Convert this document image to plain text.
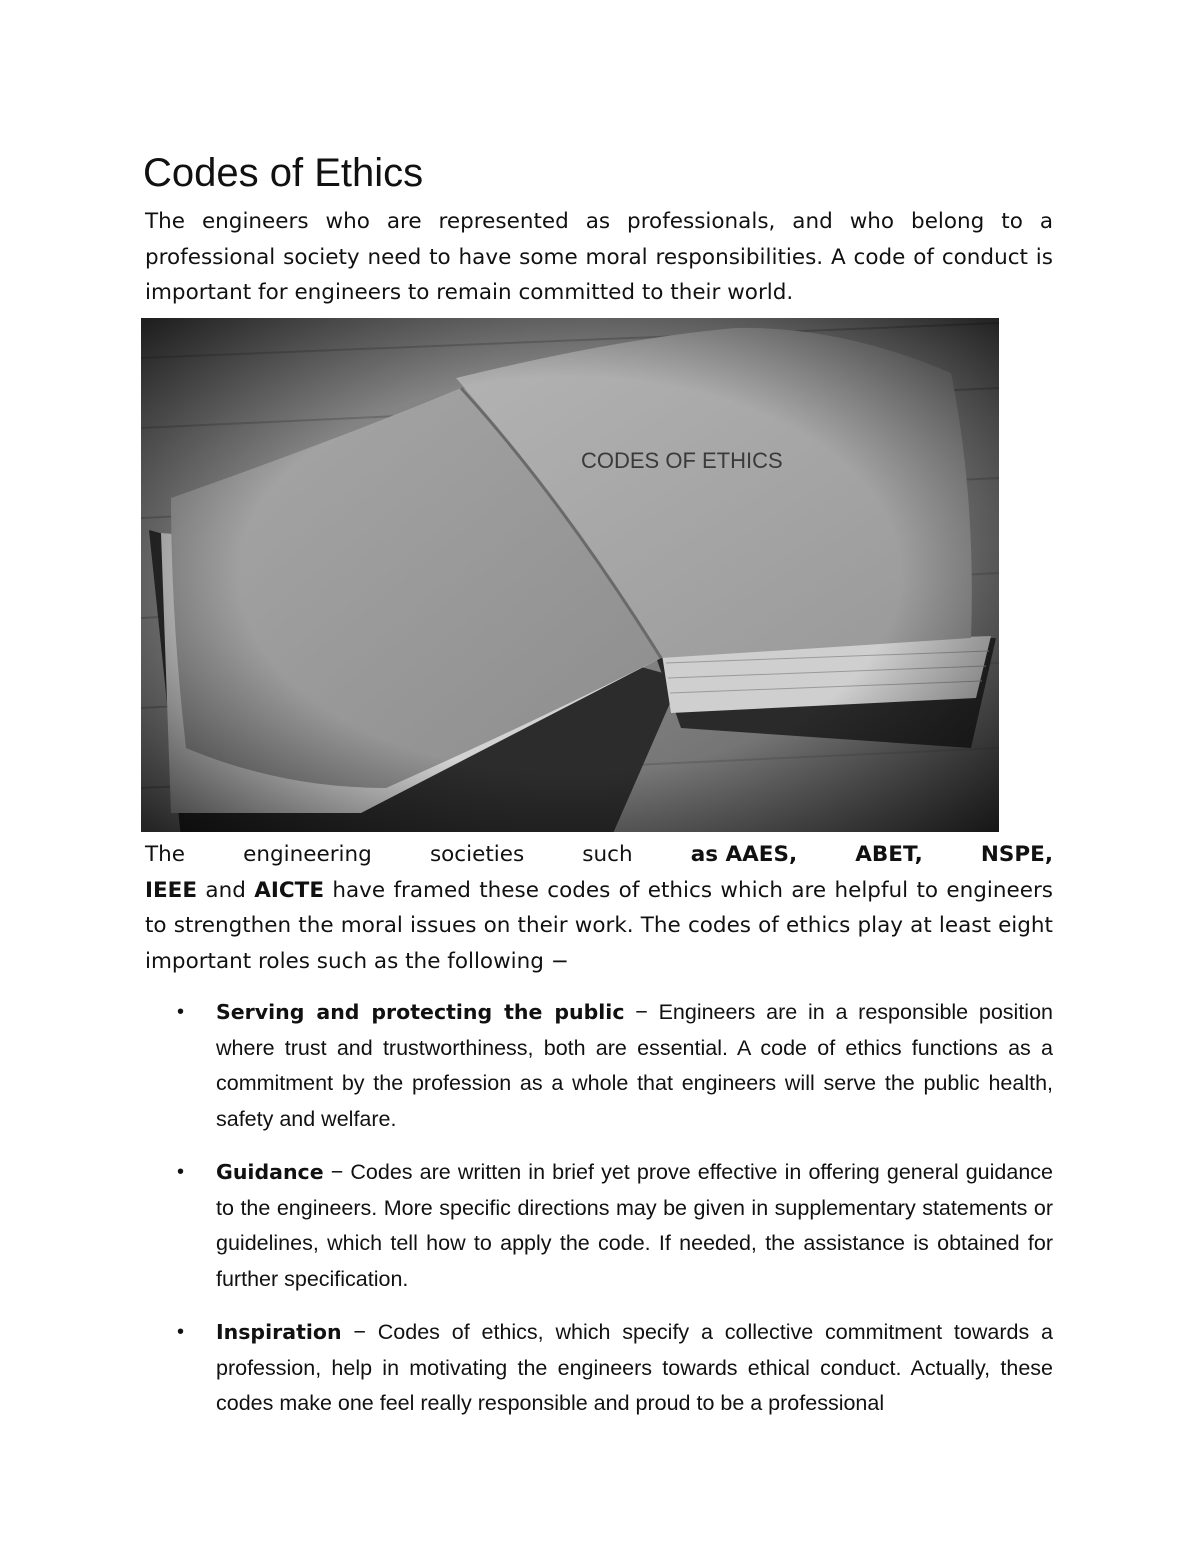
Codes of Ethics

The engineers who are represented as professionals, and who belong to a professional society need to have some moral responsibilities. A code of conduct is important for engineers to remain committed to their world.

The	engineering	societies	such	as AAES,	ABET,	NSPE,
IEEE and AICTE have framed these codes of ethics which are helpful to engineers to strengthen the moral issues on their work. The codes of ethics play at least eight important roles such as the following −
• Serving and protecting the public − Engineers are in a responsible position where trust and trustworthiness, both are essential. A code of ethics functions as a commitment by the profession as a whole that engineers will serve the public health, safety and welfare.
• Guidance − Codes are written in brief yet prove effective in offering general guidance to the engineers. More specific directions may be given in supplementary statements or guidelines, which tell how to apply the code. If needed, the assistance is obtained for further specification.
• Inspiration − Codes of ethics, which specify a collective commitment towards a profession, help in motivating the engineers towards ethical conduct. Actually, these codes make one feel really responsible and proud to be a professional
